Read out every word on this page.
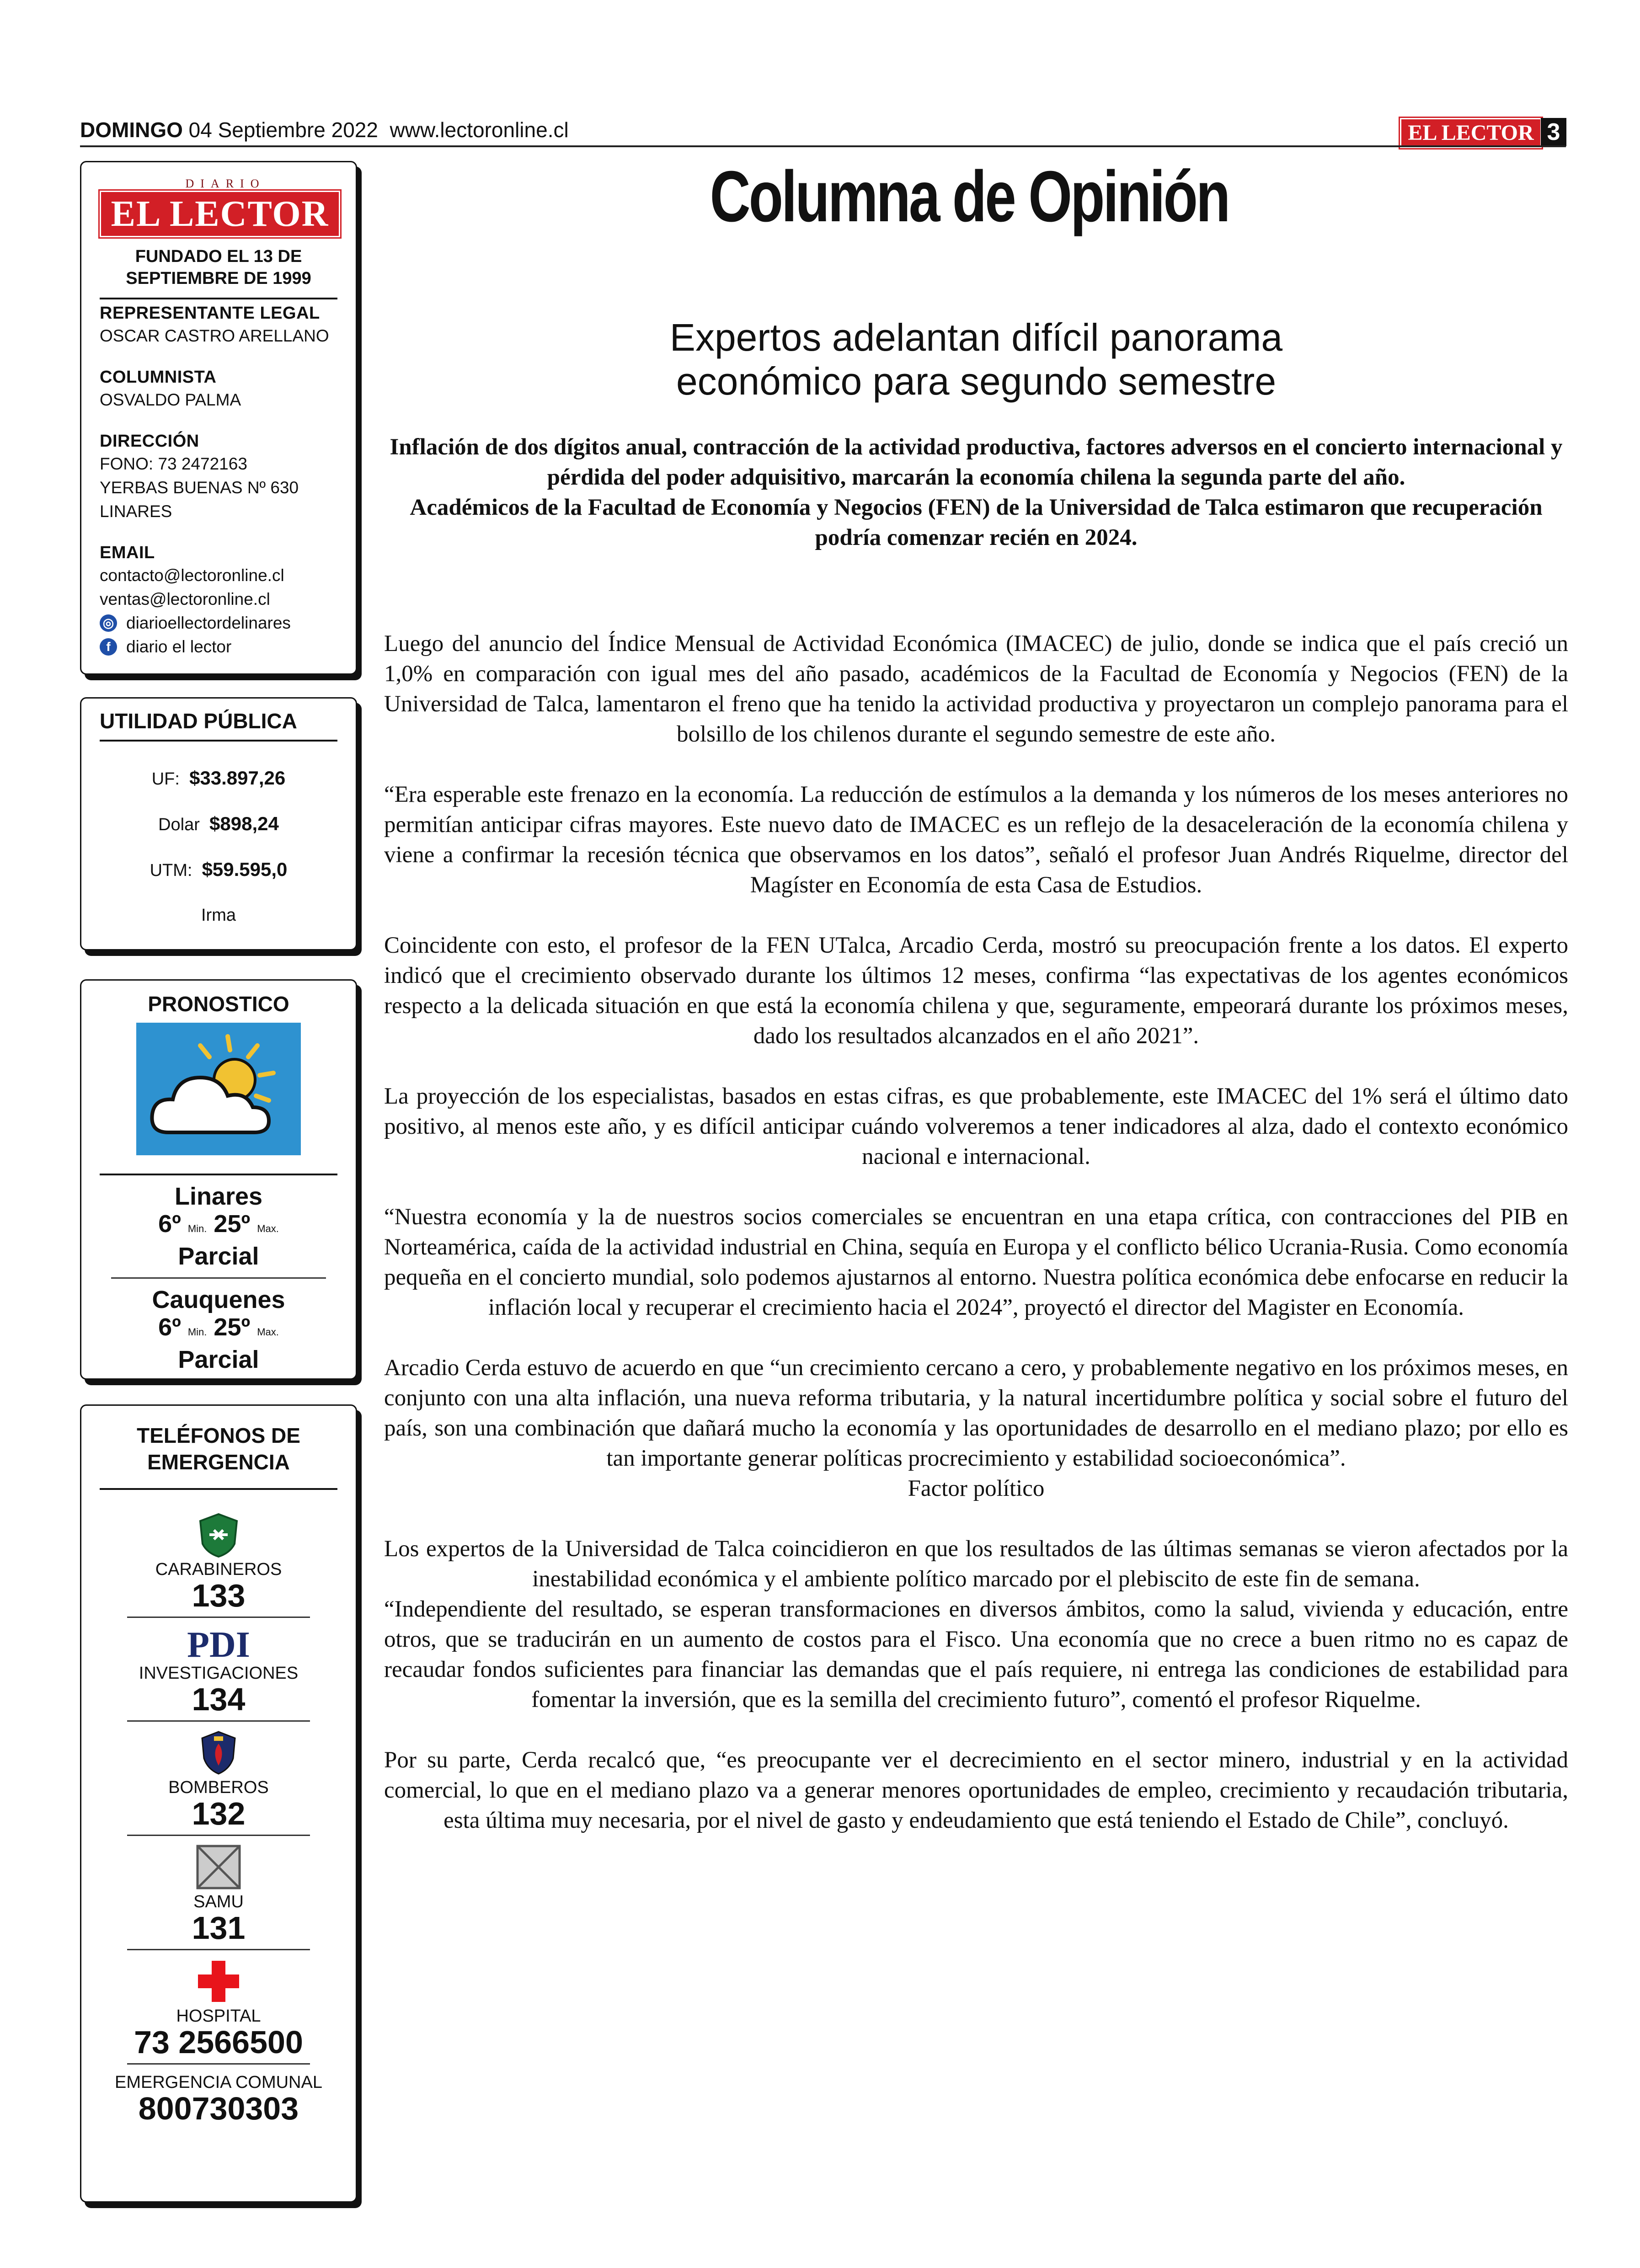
DOMINGO 04 Septiembre 2022 www.lectoronline.cl	EL LECTOR 3
DIARIO
EL LECTOR
FUNDADO EL 13 DE SEPTIEMBRE DE 1999
REPRESENTANTE LEGAL
OSCAR CASTRO ARELLANO
COLUMNISTA
OSVALDO PALMA
DIRECCIÓN
FONO: 73 2472163
YERBAS BUENAS Nº 630
LINARES
EMAIL
contacto@lectoronline.cl
ventas@lectoronline.cl
◎ diarioellectordelinares
f diario el lector
UTILIDAD PÚBLICA
UF: $33.897,26
Dolar $898,24
UTM: $59.595,0
Irma
PRONOSTICO
Linares
6º Min. 25º Max.
Parcial
Cauquenes
6º Min. 25º Max.
Parcial
TELÉFONOS DE EMERGENCIA
CARABINEROS
133
PDI
INVESTIGACIONES
134
BOMBEROS
132
SAMU
131
HOSPITAL
73 2566500
EMERGENCIA COMUNAL
800730303
Columna de Opinión
Expertos adelantan difícil panorama
económico para segundo semestre
Inflación de dos dígitos anual, contracción de la actividad productiva, factores adversos en el concierto internacional y pérdida del poder adquisitivo, marcarán la economía chilena la segunda parte del año.
Académicos de la Facultad de Economía y Negocios (FEN) de la Universidad de Talca estimaron que recuperación podría comenzar recién en 2024.

Luego del anuncio del Índice Mensual de Actividad Económica (IMACEC) de julio, donde se indica que el país creció un 1,0% en comparación con igual mes del año pasado, académicos de la Facultad de Economía y Negocios (FEN) de la Universidad de Talca, lamentaron el freno que ha tenido la actividad productiva y proyectaron un complejo panorama para el bolsillo de los chilenos durante el segundo semestre de este año.

“Era esperable este frenazo en la economía. La reducción de estímulos a la demanda y los números de los meses anteriores no permitían anticipar cifras mayores. Este nuevo dato de IMACEC es un reflejo de la desaceleración de la economía chilena y viene a confirmar la recesión técnica que observamos en los datos”, señaló el profesor Juan Andrés Riquelme, director del Magíster en Economía de esta Casa de Estudios.

Coincidente con esto, el profesor de la FEN UTalca, Arcadio Cerda, mostró su preocupación frente a los datos. El experto indicó que el crecimiento observado durante los últimos 12 meses, confirma “las expectativas de los agentes económicos respecto a la delicada situación en que está la economía chilena y que, seguramente, empeorará durante los próximos meses, dado los resultados alcanzados en el año 2021”.

La proyección de los especialistas, basados en estas cifras, es que probablemente, este IMACEC del 1% será el último dato positivo, al menos este año, y es difícil anticipar cuándo volveremos a tener indicadores al alza, dado el contexto económico nacional e internacional.

“Nuestra economía y la de nuestros socios comerciales se encuentran en una etapa crítica, con contracciones del PIB en Norteamérica, caída de la actividad industrial en China, sequía en Europa y el conflicto bélico Ucrania-Rusia. Como economía pequeña en el concierto mundial, solo podemos ajustarnos al entorno. Nuestra política económica debe enfocarse en reducir la inflación local y recuperar el crecimiento hacia el 2024”, proyectó el director del Magister en Economía.

Arcadio Cerda estuvo de acuerdo en que “un crecimiento cercano a cero, y probablemente negativo en los próximos meses, en conjunto con una alta inflación, una nueva reforma tributaria, y la natural incertidumbre política y social sobre el futuro del país, son una combinación que dañará mucho la economía y las oportunidades de desarrollo en el mediano plazo; por ello es tan importante generar políticas procrecimiento y estabilidad socioeconómica”.

Factor político

Los expertos de la Universidad de Talca coincidieron en que los resultados de las últimas semanas se vieron afectados por la inestabilidad económica y el ambiente político marcado por el plebiscito de este fin de semana.

“Independiente del resultado, se esperan transformaciones en diversos ámbitos, como la salud, vivienda y educación, entre otros, que se traducirán en un aumento de costos para el Fisco. Una economía que no crece a buen ritmo no es capaz de recaudar fondos suficientes para financiar las demandas que el país requiere, ni entrega las condiciones de estabilidad para fomentar la inversión, que es la semilla del crecimiento futuro”, comentó el profesor Riquelme.

Por su parte, Cerda recalcó que, “es preocupante ver el decrecimiento en el sector minero, industrial y en la actividad comercial, lo que en el mediano plazo va a generar menores oportunidades de empleo, crecimiento y recaudación tributaria, esta última muy necesaria, por el nivel de gasto y endeudamiento que está teniendo el Estado de Chile”, concluyó.
